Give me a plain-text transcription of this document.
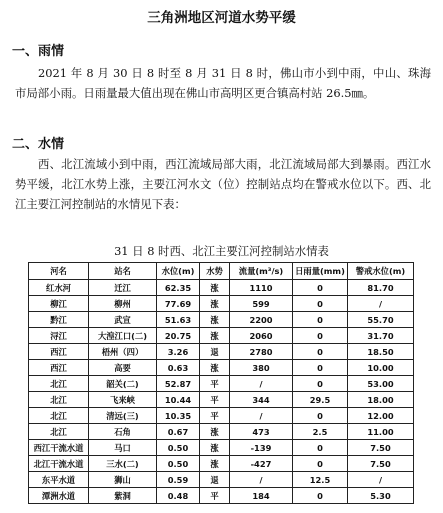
三角洲地区河道水势平缓
一、雨情
2021 年 8 月 30 日 8 时至 8 月 31 日 8 时，佛山市小到中雨，中山、珠海市局部小雨。日雨量最大值出现在佛山市高明区更合镇高村站 26.5㎜。
二、水情
西、北江流域小到中雨，西江流域局部大雨，北江流域局部大到暴雨。西江水势平缓，北江水势上涨，主要江河水文（位）控制站点均在警戒水位以下。西、北江主要江河控制站的水情见下表：
31 日 8 时西、北江主要江河控制站水情表
河名	站名	水位(m)	水势	流量(m³/s)	日雨量(mm)	警戒水位(m)
红水河	迁江	62.35	涨	1110	0	81.70
柳江	柳州	77.69	涨	599	0	/
黔江	武宣	51.63	涨	2200	0	55.70
浔江	大湟江口(二)	20.75	涨	2060	0	31.70
西江	梧州（四）	3.26	退	2780	0	18.50
西江	高要	0.63	涨	380	0	10.00
北江	韶关(二)	52.87	平	/	0	53.00
北江	飞来峡	10.44	平	344	29.5	18.00
北江	清远(三)	10.35	平	/	0	12.00
北江	石角	0.67	涨	473	2.5	11.00
西江干流水道	马口	0.50	涨	-139	0	7.50
北江干流水道	三水(二)	0.50	涨	-427	0	7.50
东平水道	狮山	0.59	退	/	12.5	/
潭洲水道	紫洞	0.48	平	184	0	5.30
